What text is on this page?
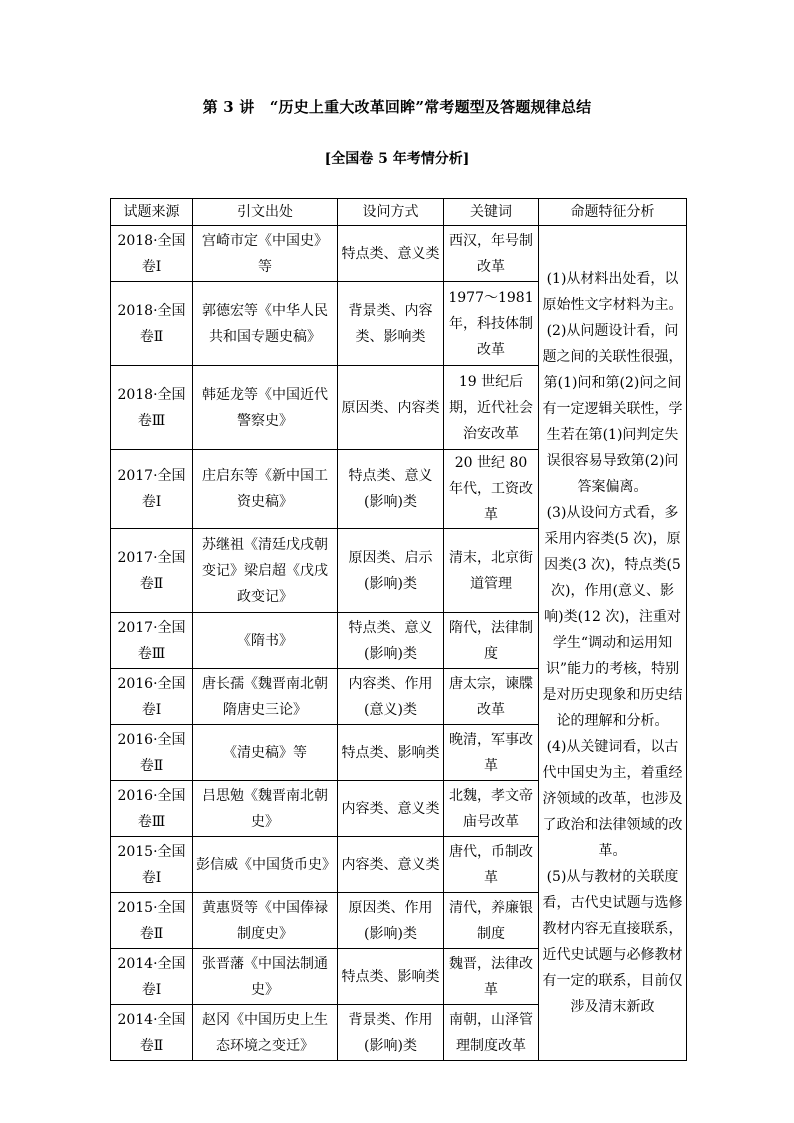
第 3 讲　“历史上重大改革回眸”常考题型及答题规律总结
[全国卷 5 年考情分析]
试题来源	引文出处	设问方式	关键词	命题特征分析
2018·全国卷Ⅰ	宫崎市定《中国史》等	特点类、意义类	西汉，年号制改革	(1)从材料出处看，以原始性文字材料为主。
(2)从问题设计看，问题之间的关联性很强，第(1)问和第(2)问之间有一定逻辑关联性，学生若在第(1)问判定失误很容易导致第(2)问答案偏离。
(3)从设问方式看，多采用内容类(5 次)，原因类(3 次)，特点类(5 次)，作用(意义、影响)类(12 次)，注重对学生“调动和运用知识”能力的考核，特别是对历史现象和历史结论的理解和分析。
(4)从关键词看，以古代中国史为主，着重经济领域的改革，也涉及了政治和法律领域的改革。
(5)从与教材的关联度看，古代史试题与选修教材内容无直接联系，近代史试题与必修教材有一定的联系，目前仅涉及清末新政

2018·全国卷Ⅱ	郭德宏等《中华人民共和国专题史稿》	背景类、内容类、影响类	1977～1981年，科技体制改革	
2018·全国卷Ⅲ	韩延龙等《中国近代警察史》	原因类、内容类	19 世纪后期，近代社会治安改革	
2017·全国卷Ⅰ	庄启东等《新中国工资史稿》	特点类、意义(影响)类	20 世纪 80 年代，工资改革	
2017·全国卷Ⅱ	苏继祖《清廷戊戌朝变记》梁启超《戊戌政变记》	原因类、启示(影响)类	清末，北京街道管理	
2017·全国卷Ⅲ	《隋书》	特点类、意义(影响)类	隋代，法律制度	
2016·全国卷Ⅰ	唐长孺《魏晋南北朝隋唐史三论》	内容类、作用(意义)类	唐太宗，谏牒改革	
2016·全国卷Ⅱ	《清史稿》等	特点类、影响类	晚清，军事改革	
2016·全国卷Ⅲ	吕思勉《魏晋南北朝史》	内容类、意义类	北魏，孝文帝庙号改革	
2015·全国卷Ⅰ	彭信威《中国货币史》	内容类、意义类	唐代，币制改革	
2015·全国卷Ⅱ	黄惠贤等《中国俸禄制度史》	原因类、作用(影响)类	清代，养廉银制度	
2014·全国卷Ⅰ	张晋藩《中国法制通史》	特点类、影响类	魏晋，法律改革	
2014·全国卷Ⅱ	赵冈《中国历史上生态环境之变迁》	背景类、作用(影响)类	南朝，山泽管理制度改革	
